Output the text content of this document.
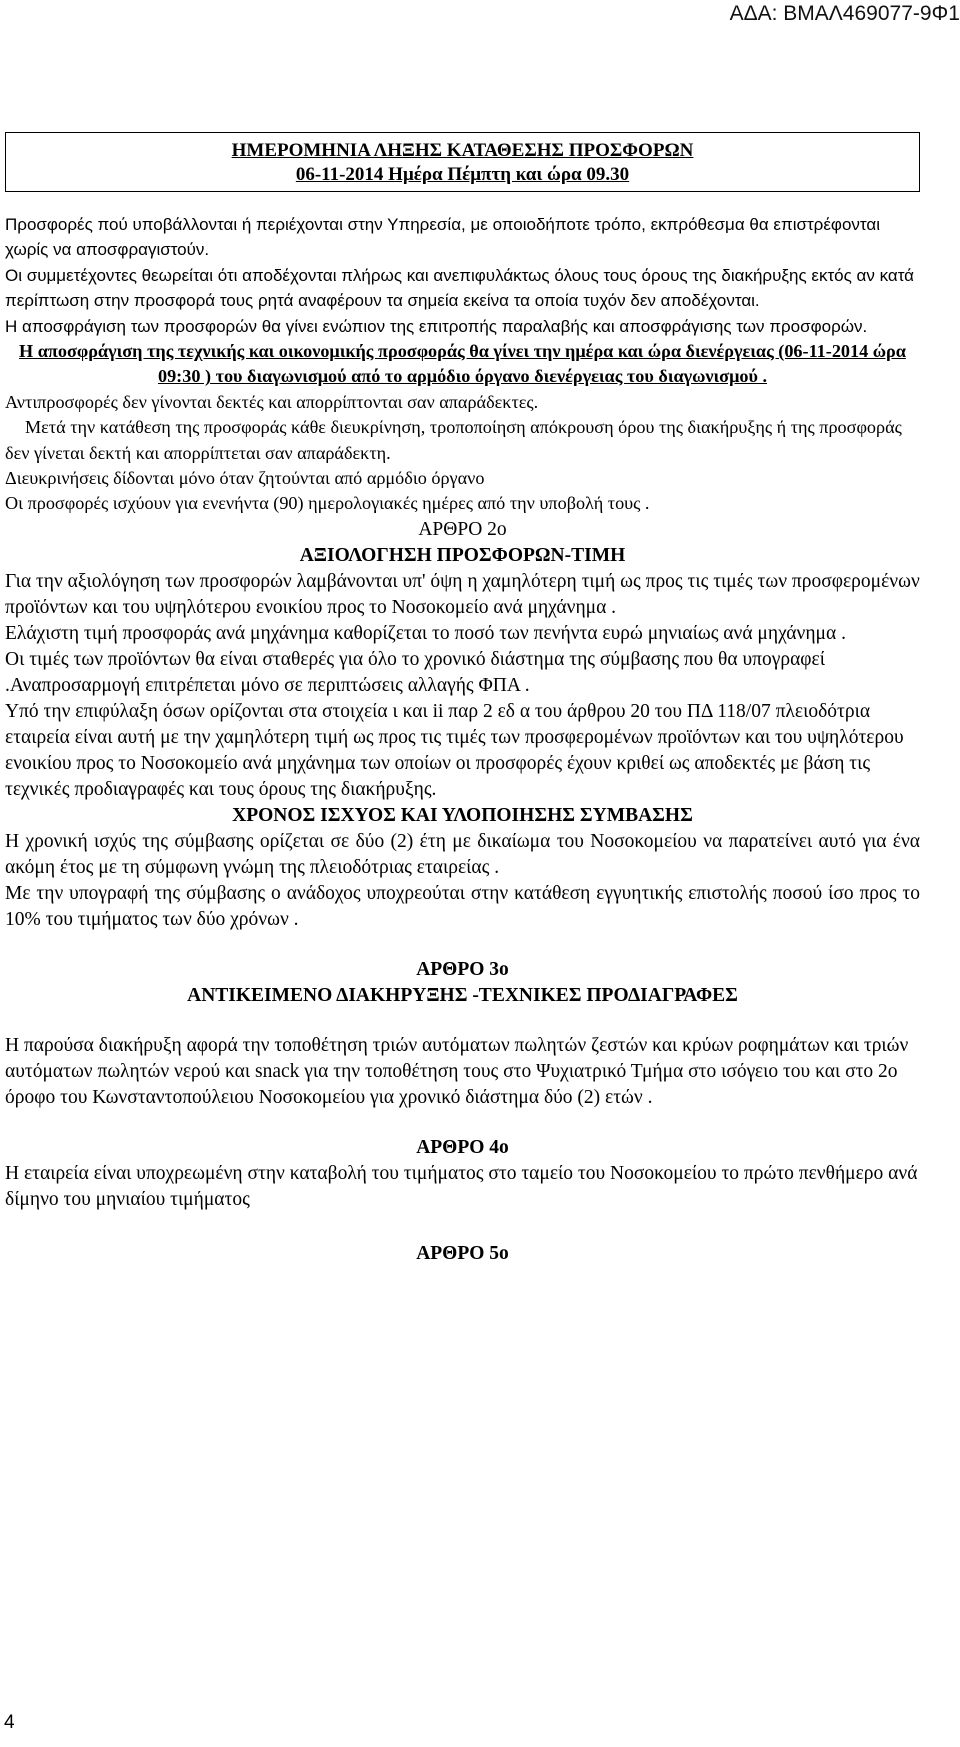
ΑΔΑ: ΒΜΑΛ469077-9Φ1
ΗΜΕΡΟΜΗΝΙΑ ΛΗΞΗΣ ΚΑΤΑΘΕΣΗΣ ΠΡΟΣΦΟΡΩΝ
06-11-2014 Ημέρα Πέμπτη και ώρα 09.30

Προσφορές πού υποβάλλονται ή περιέχονται στην Υπηρεσία, με οποιοδήποτε τρόπο, εκπρόθεσμα θα επιστρέφονται χωρίς να αποσφραγιστούν.

Οι συμμετέχοντες θεωρείται ότι αποδέχονται πλήρως και ανεπιφυλάκτως όλους τους όρους της διακήρυξης εκτός αν κατά περίπτωση στην προσφορά τους ρητά αναφέρουν τα σημεία εκείνα τα οποία τυχόν δεν αποδέχονται.

Η αποσφράγιση των προσφορών θα γίνει ενώπιον της επιτροπής παραλαβής και αποσφράγισης των προσφορών.

Η αποσφράγιση της τεχνικής και οικονομικής προσφοράς θα γίνει την ημέρα και ώρα διενέργειας (06-11-2014 ώρα 09:30 ) του διαγωνισμού από το αρμόδιο όργανο διενέργειας του διαγωνισμού .

Αντιπροσφορές δεν γίνονται δεκτές και απορρίπτονται σαν απαράδεκτες.

Μετά την κατάθεση της προσφοράς κάθε διευκρίνηση, τροποποίηση απόκρουση όρου της διακήρυξης ή της προσφοράς δεν γίνεται δεκτή και απορρίπτεται σαν απαράδεκτη.

Διευκρινήσεις δίδονται μόνο όταν ζητούνται από αρμόδιο όργανο

Οι προσφορές ισχύουν για ενενήντα (90) ημερολογιακές ημέρες από την υποβολή τους .

ΑΡΘΡΟ 2ο

ΑΞΙΟΛΟΓΗΣΗ ΠΡΟΣΦΟΡΩΝ-ΤΙΜΗ

Για την αξιολόγηση των προσφορών λαμβάνονται υπ' όψη η χαμηλότερη τιμή ως προς τις τιμές των προσφερομένων προϊόντων και του υψηλότερου ενοικίου προς το Νοσοκομείο ανά μηχάνημα .

Ελάχιστη τιμή προσφοράς ανά μηχάνημα καθορίζεται το ποσό των πενήντα ευρώ μηνιαίως ανά μηχάνημα .

Οι τιμές των προϊόντων θα είναι σταθερές για όλο το χρονικό διάστημα της σύμβασης που θα υπογραφεί .Αναπροσαρμογή επιτρέπεται μόνο σε περιπτώσεις αλλαγής ΦΠΑ .

Υπό την επιφύλαξη όσων ορίζονται στα στοιχεία ι και ii παρ 2 εδ α του άρθρου 20 του ΠΔ 118/07 πλειοδότρια εταιρεία είναι αυτή με την χαμηλότερη τιμή ως προς τις τιμές των προσφερομένων προϊόντων και του υψηλότερου ενοικίου προς το Νοσοκομείο ανά μηχάνημα των οποίων οι προσφορές έχουν κριθεί ως αποδεκτές με βάση τις τεχνικές προδιαγραφές και τους όρους της διακήρυξης.

ΧΡΟΝΟΣ ΙΣΧΥΟΣ ΚΑΙ ΥΛΟΠΟΙΗΣΗΣ ΣΥΜΒΑΣΗΣ

Η χρονική ισχύς της σύμβασης ορίζεται σε δύο (2) έτη με δικαίωμα του Νοσοκομείου να παρατείνει αυτό για ένα ακόμη έτος με τη σύμφωνη γνώμη της πλειοδότριας εταιρείας .

Με την υπογραφή της σύμβασης ο ανάδοχος υποχρεούται στην κατάθεση εγγυητικής επιστολής ποσού ίσο προς το 10% του τιμήματος των δύο χρόνων .

ΑΡΘΡΟ 3ο

ΑΝΤΙΚΕΙΜΕΝΟ ΔΙΑΚΗΡΥΞΗΣ -ΤΕΧΝΙΚΕΣ ΠΡΟΔΙΑΓΡΑΦΕΣ

Η παρούσα διακήρυξη αφορά την τοποθέτηση τριών αυτόματων πωλητών ζεστών και κρύων ροφημάτων και τριών αυτόματων πωλητών νερού και snack για την τοποθέτηση τους στο Ψυχιατρικό Τμήμα στο ισόγειο του και στο 2ο όροφο του Κωνσταντοπούλειου Νοσοκομείου για χρονικό διάστημα δύο (2) ετών .

ΑΡΘΡΟ 4ο

Η εταιρεία είναι υποχρεωμένη στην καταβολή του τιμήματος στο ταμείο του Νοσοκομείου το πρώτο πενθήμερο ανά δίμηνο του μηνιαίου τιμήματος

ΑΡΘΡΟ 5ο

4
